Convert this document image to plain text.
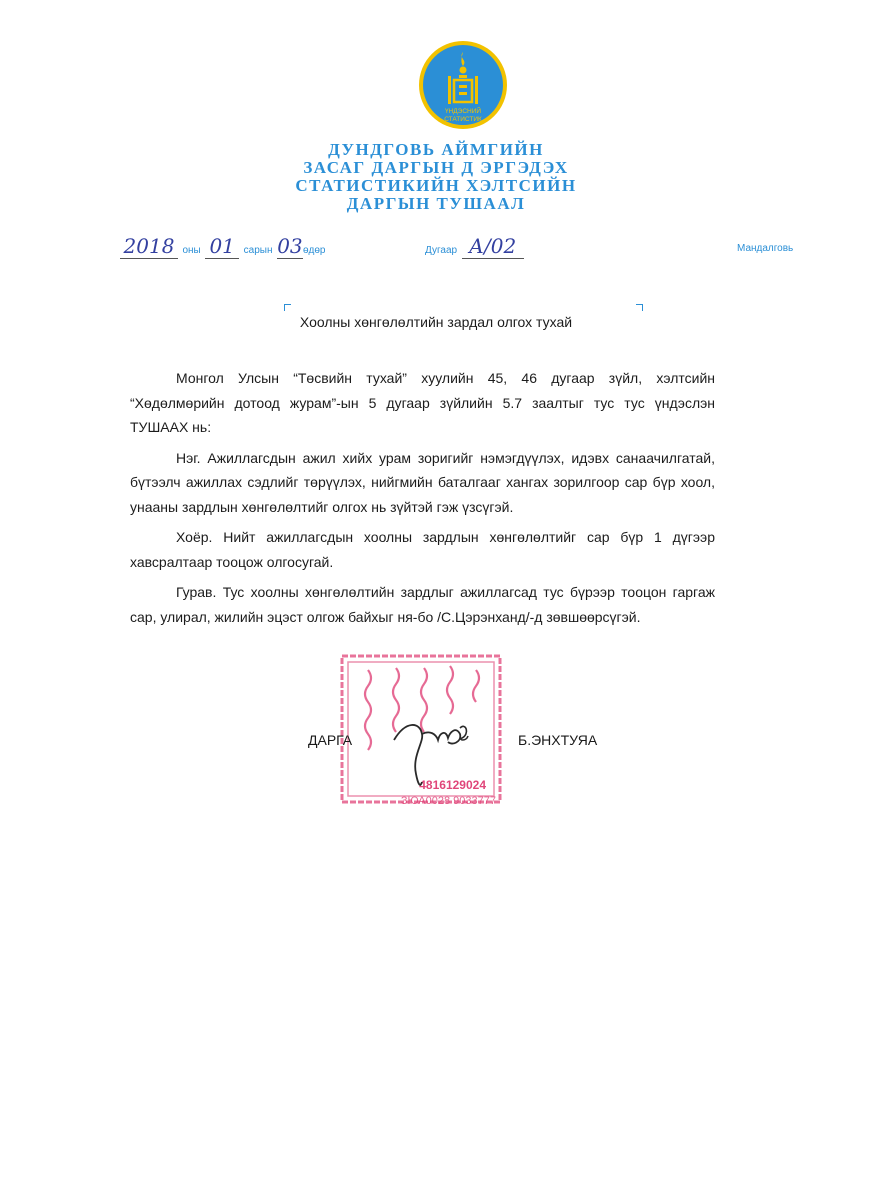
ҮНДЭСНИЙ
СТАТИСТИК
ДУНДГОВЬ АЙМГИЙН
ЗАСАГ ДАРГЫН Д ЭРГЭДЭХ
СТАТИСТИКИЙН ХЭЛТСИЙН
ДАРГЫН ТУШААЛ
2018 оны 01 сарын 03өдөр	Дугаар А/02	Мандалговь
Хоолны хөнгөлөлтийн зардал олгох тухай

Монгол Улсын “Төсвийн тухай” хуулийн 45, 46 дугаар зүйл, хэлтсийн “Хөдөлмөрийн дотоод журам”-ын 5 дугаар зүйлийн 5.7 заалтыг тус тус үндэслэн ТУШААХ нь:

Нэг. Ажиллагсдын ажил хийх урам зоригийг нэмэгдүүлэх, идэвх санаачилгатай, бүтээлч ажиллах сэдлийг төрүүлэх, нийгмийн баталгааг хангах зорилгоор сар бүр хоол, унааны зардлын хөнгөлөлтийг олгох нь зүйтэй гэж үзсүгэй.

Хоёр. Нийт ажиллагсдын хоолны зардлын хөнгөлөлтийг сар бүр 1 дүгээр хавсралтаар тооцож олгосугай.

Гурав. Тус хоолны хөнгөлөлтийн зардлыг ажиллагсад тус бүрээр тооцон гаргаж сар, улирал, жилийн эцэст олгож байхыг ня-бо /С.Цэрэнханд/-д зөвшөөрсүгэй.

4816129024
ЗЮА0028 9033777
ДАРГА	Б.ЭНХТУЯА
